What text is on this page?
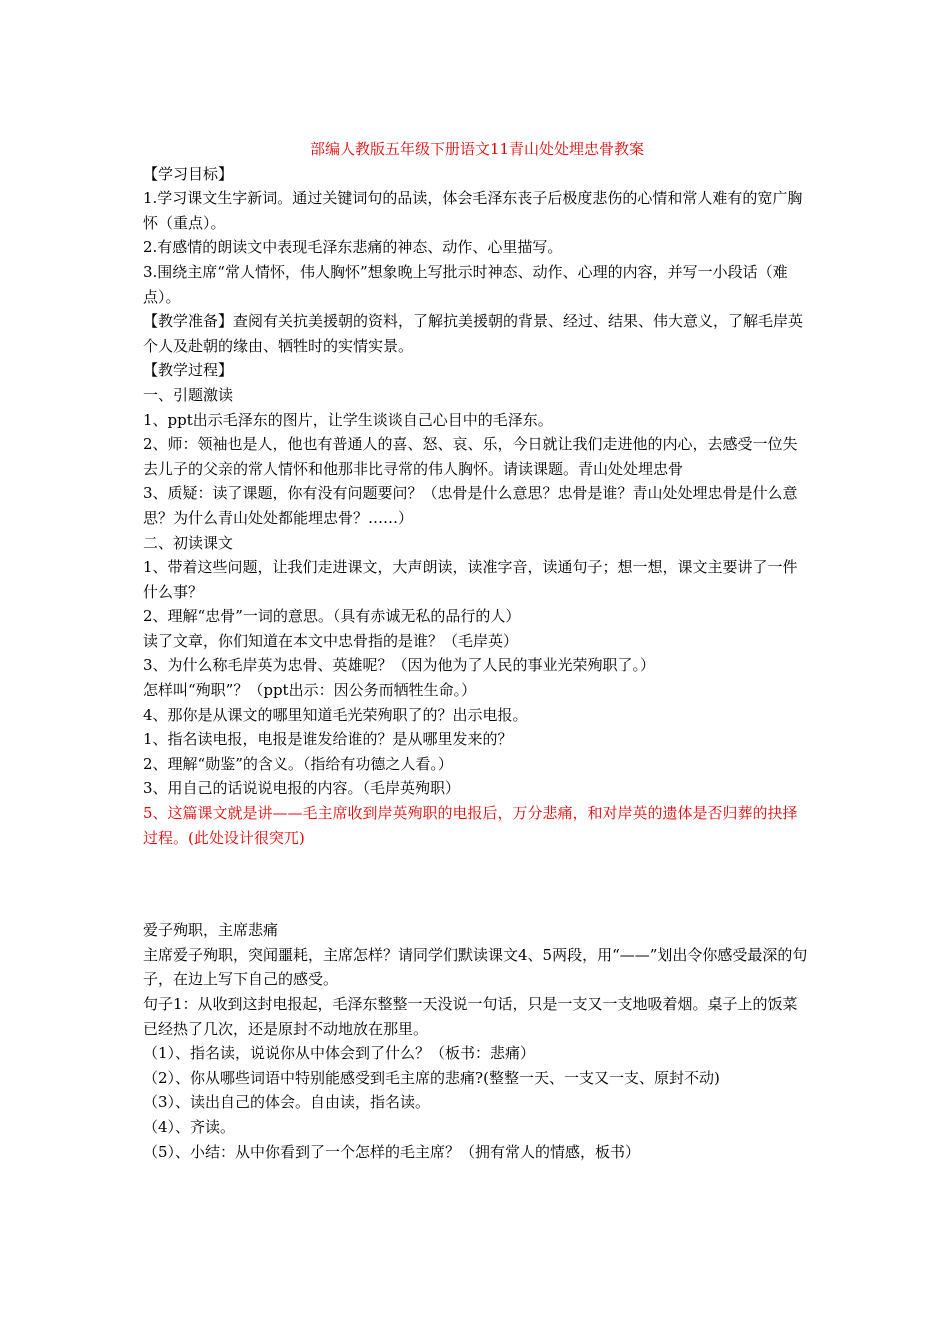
部编人教版五年级下册语文11青山处处埋忠骨教案

【学习目标】

1.学习课文生字新词。通过关键词句的品读，体会毛泽东丧子后极度悲伤的心情和常人难有的宽广胸怀（重点）。

2.有感情的朗读文中表现毛泽东悲痛的神态、动作、心里描写。

3.围绕主席“常人情怀，伟人胸怀”想象晚上写批示时神态、动作、心理的内容，并写一小段话（难点）。

【教学准备】查阅有关抗美援朝的资料，了解抗美援朝的背景、经过、结果、伟大意义，了解毛岸英个人及赴朝的缘由、牺牲时的实情实景。

【教学过程】

一、引题激读

1、ppt出示毛泽东的图片，让学生谈谈自己心目中的毛泽东。

2、师：领袖也是人，他也有普通人的喜、怒、哀、乐，今日就让我们走进他的内心，去感受一位失去儿子的父亲的常人情怀和他那非比寻常的伟人胸怀。请读课题。青山处处埋忠骨

3、质疑：读了课题，你有没有问题要问？（忠骨是什么意思？忠骨是谁？青山处处埋忠骨是什么意思？为什么青山处处都能埋忠骨？……）

二、初读课文

1、带着这些问题，让我们走进课文，大声朗读，读准字音，读通句子；想一想，课文主要讲了一件什么事？

2、理解“忠骨”一词的意思。（具有赤诚无私的品行的人）

读了文章，你们知道在本文中忠骨指的是谁？（毛岸英）

3、为什么称毛岸英为忠骨、英雄呢？（因为他为了人民的事业光荣殉职了。）

怎样叫“殉职”？（ppt出示：因公务而牺牲生命。）

4、那你是从课文的哪里知道毛光荣殉职了的？出示电报。

1、指名读电报，电报是谁发给谁的？是从哪里发来的？

2、理解“勋鉴”的含义。（指给有功德之人看。）

3、用自己的话说说电报的内容。（毛岸英殉职）

5、这篇课文就是讲——毛主席收到岸英殉职的电报后，万分悲痛，和对岸英的遗体是否归葬的抉择过程。(此处设计很突兀)

爱子殉职，主席悲痛

主席爱子殉职，突闻噩耗，主席怎样？请同学们默读课文4、5两段，用“——”划出令你感受最深的句子，在边上写下自己的感受。

句子1：从收到这封电报起，毛泽东整整一天没说一句话，只是一支又一支地吸着烟。桌子上的饭菜已经热了几次，还是原封不动地放在那里。

（1）、指名读，说说你从中体会到了什么？（板书：悲痛）

（2）、你从哪些词语中特别能感受到毛主席的悲痛?(整整一天、一支又一支、原封不动)

（3）、读出自己的体会。自由读，指名读。

（4）、齐读。

（5）、小结：从中你看到了一个怎样的毛主席？（拥有常人的情感，板书）
